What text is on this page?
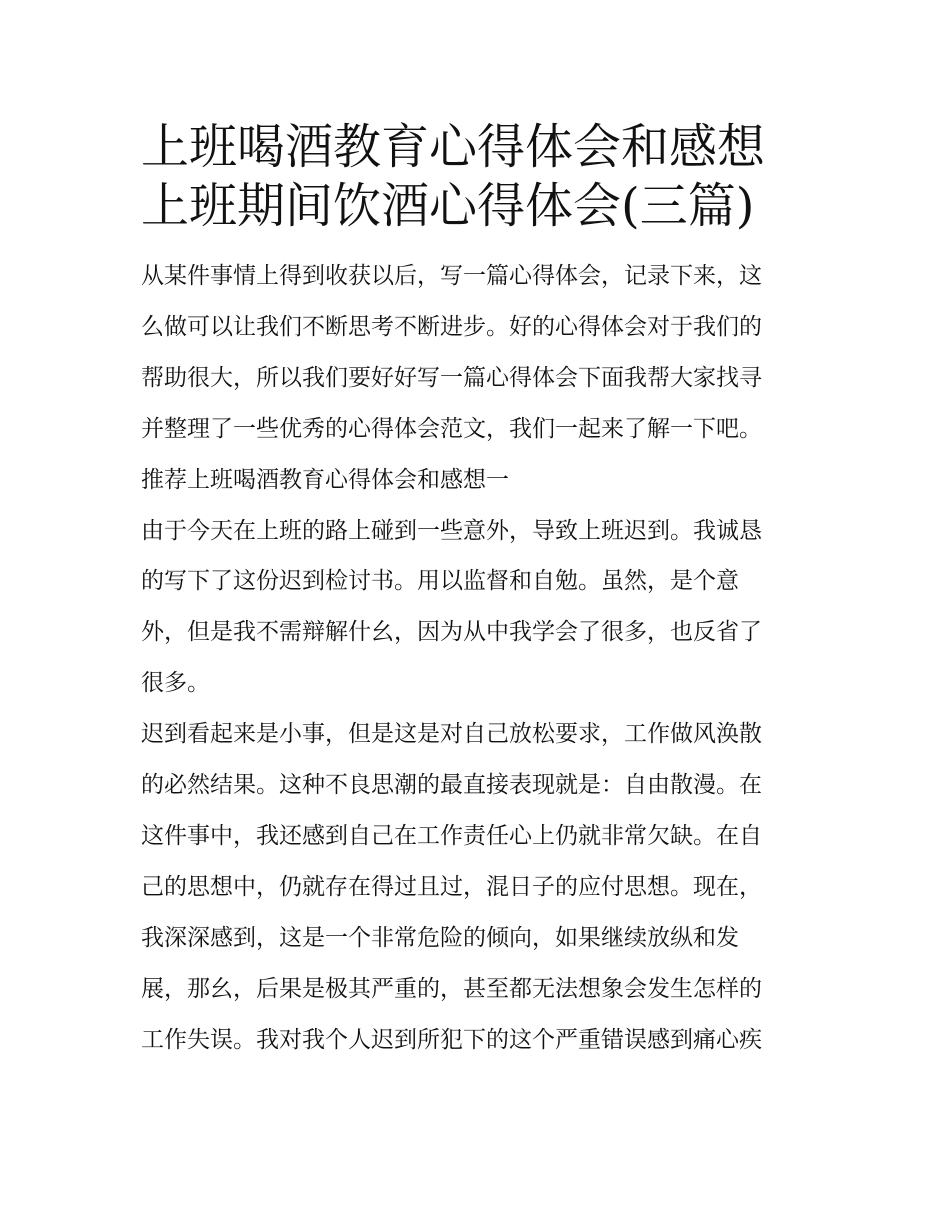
上班喝酒教育心得体会和感想
上班期间饮酒心得体会(三篇)

从某件事情上得到收获以后，写一篇心得体会，记录下来，这
么做可以让我们不断思考不断进步。好的心得体会对于我们的
帮助很大，所以我们要好好写一篇心得体会下面我帮大家找寻
并整理了一些优秀的心得体会范文，我们一起来了解一下吧。

推荐上班喝酒教育心得体会和感想一

由于今天在上班的路上碰到一些意外，导致上班迟到。我诚恳
的写下了这份迟到检讨书。用以监督和自勉。虽然，是个意
外，但是我不需辩解什幺，因为从中我学会了很多，也反省了
很多。

迟到看起来是小事，但是这是对自己放松要求，工作做风涣散
的必然结果。这种不良思潮的最直接表现就是：自由散漫。在
这件事中，我还感到自己在工作责任心上仍就非常欠缺。在自
己的思想中，仍就存在得过且过，混日子的应付思想。现在，
我深深感到，这是一个非常危险的倾向，如果继续放纵和发
展，那幺，后果是极其严重的，甚至都无法想象会发生怎样的
工作失误。我对我个人迟到所犯下的这个严重错误感到痛心疾
